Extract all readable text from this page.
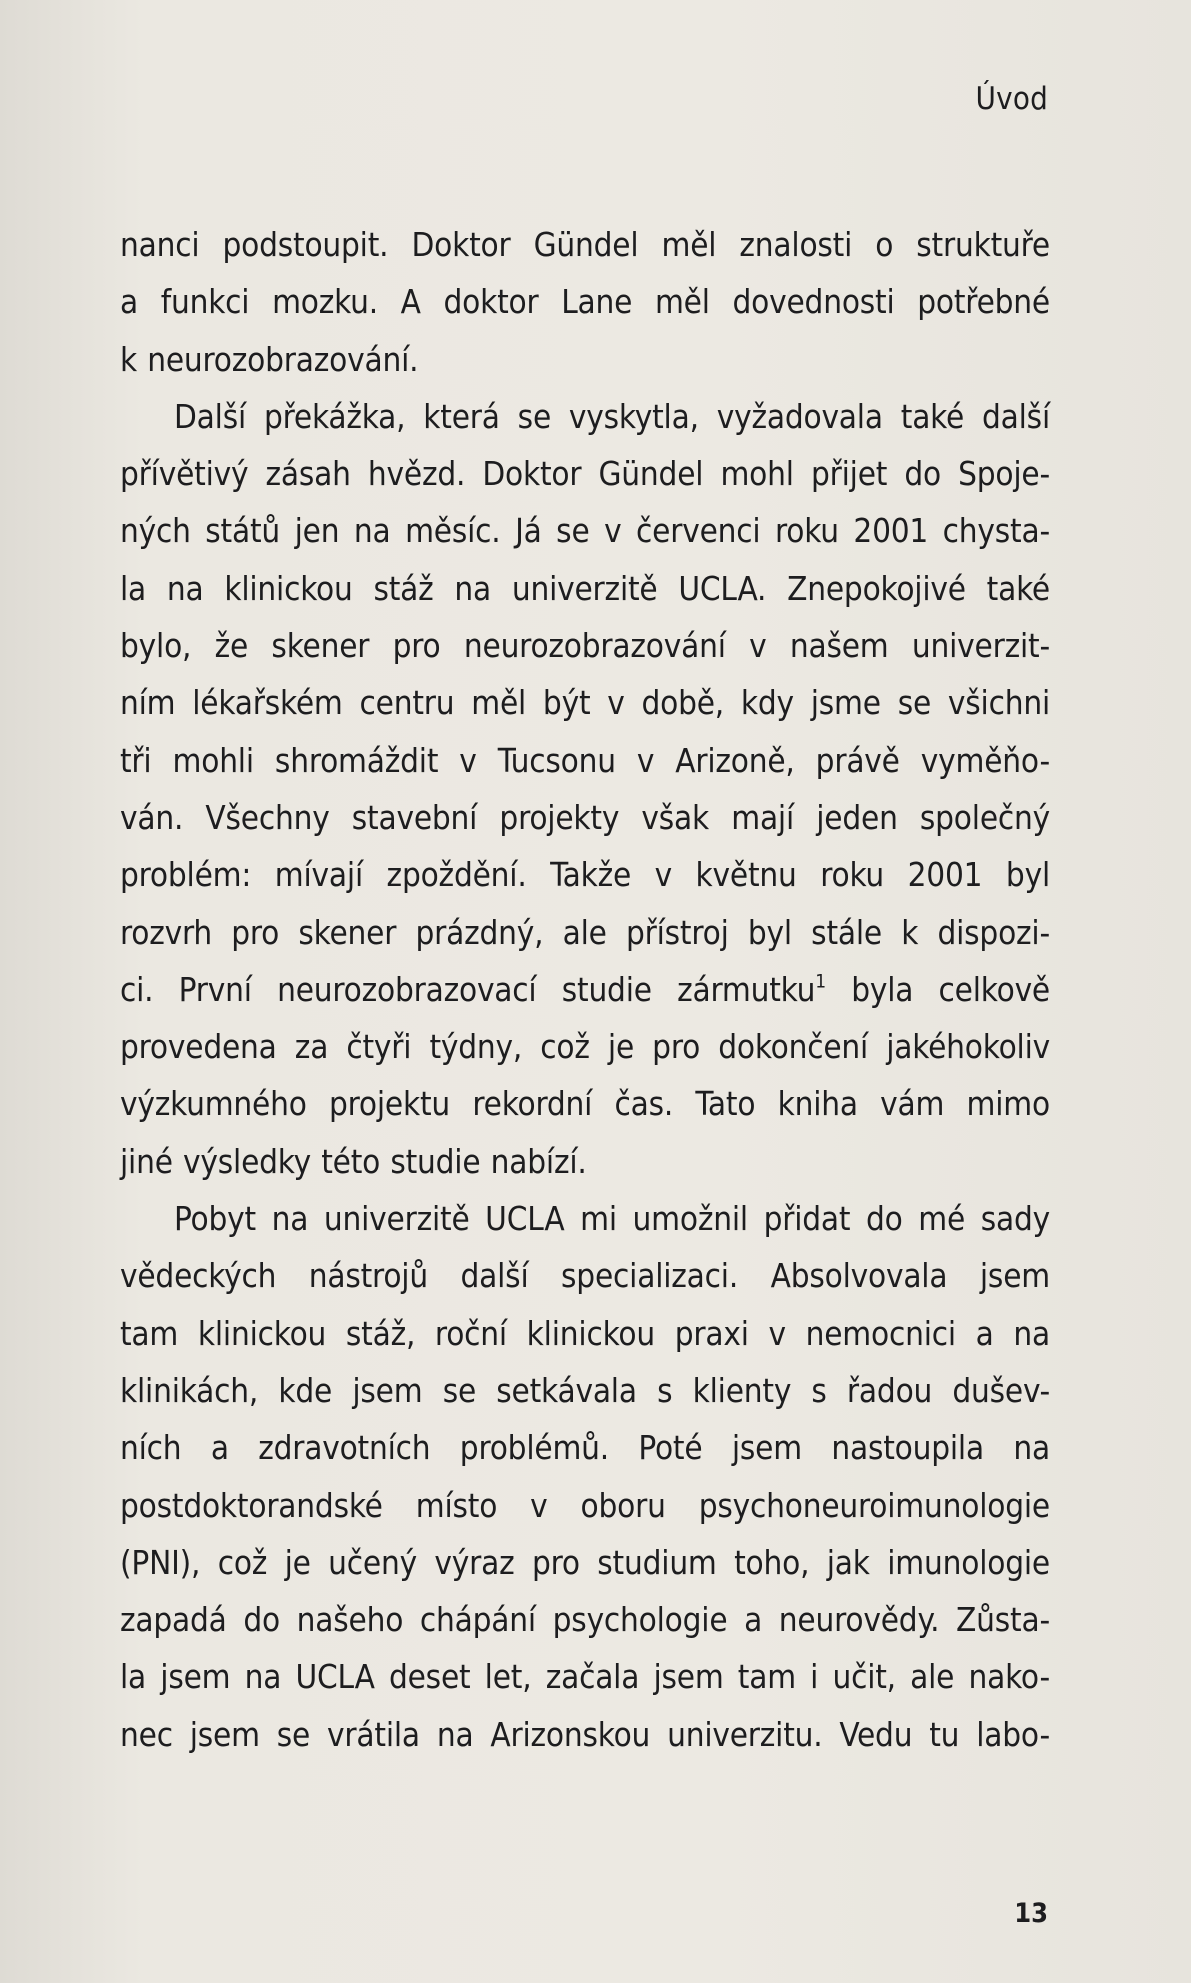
Úvod
nanci podstoupit. Doktor Gündel měl znalosti o struktuře
a funkci mozku. A doktor Lane měl dovednosti potřebné
k neurozobrazování.
Další překážka, která se vyskytla, vyžadovala také další
přívětivý zásah hvězd. Doktor Gündel mohl přijet do Spoje-
ných států jen na měsíc. Já se v červenci roku 2001 chysta-
la na klinickou stáž na univerzitě UCLA. Znepokojivé také
bylo, že skener pro neurozobrazování v našem univerzit-
ním lékařském centru měl být v době, kdy jsme se všichni
tři mohli shromáždit v Tucsonu v Arizoně, právě vyměňo-
ván. Všechny stavební projekty však mají jeden společný
problém: mívají zpoždění. Takže v květnu roku 2001 byl
rozvrh pro skener prázdný, ale přístroj byl stále k dispozi-
ci. První neurozobrazovací studie zármutku$^1$ byla celkově
provedena za čtyři týdny, což je pro dokončení jakéhokoliv
výzkumného projektu rekordní čas. Tato kniha vám mimo
jiné výsledky této studie nabízí.
Pobyt na univerzitě UCLA mi umožnil přidat do mé sady
vědeckých nástrojů další specializaci. Absolvovala jsem
tam klinickou stáž, roční klinickou praxi v nemocnici a na
klinikách, kde jsem se setkávala s klienty s řadou dušev-
ních a zdravotních problémů. Poté jsem nastoupila na
postdoktorandské místo v oboru psychoneuroimunologie
(PNI), což je učený výraz pro studium toho, jak imunologie
zapadá do našeho chápání psychologie a neurovědy. Zůsta-
la jsem na UCLA deset let, začala jsem tam i učit, ale nako-
nec jsem se vrátila na Arizonskou univerzitu. Vedu tu labo-
13
